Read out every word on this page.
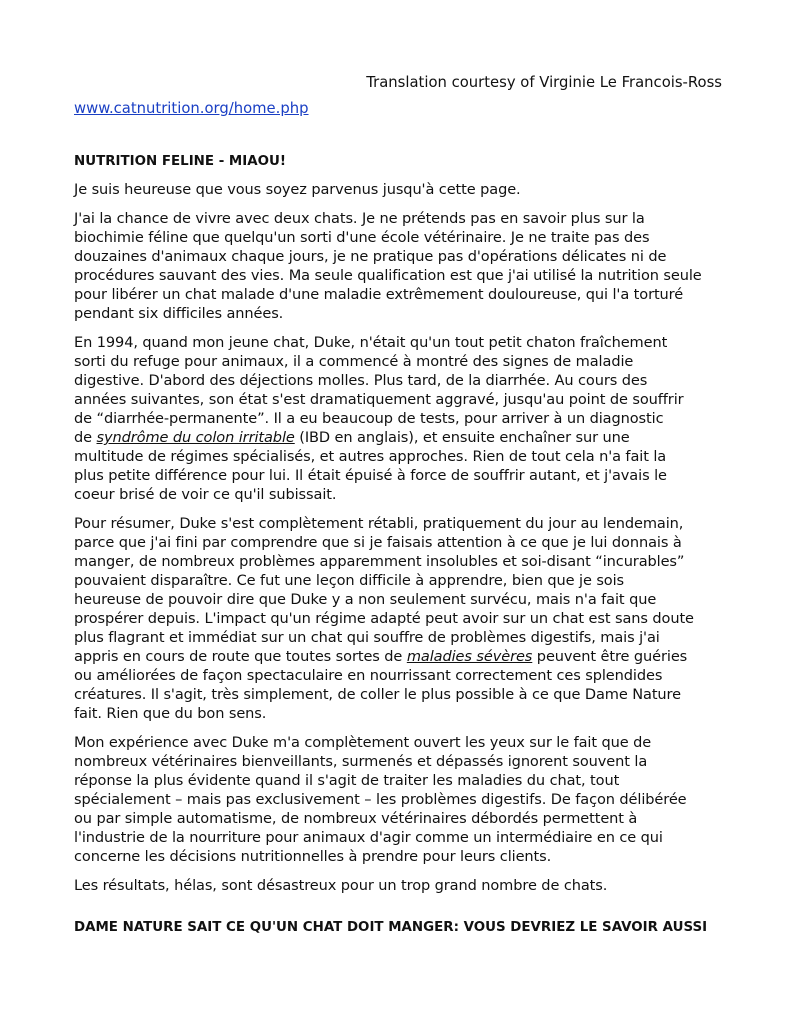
Translation courtesy of Virginie Le Francois-Ross
www.catnutrition.org/home.php
NUTRITION FELINE - MIAOU!

Je suis heureuse que vous soyez parvenus jusqu'à cette page.

J'ai la chance de vivre avec deux chats. Je ne prétends pas en savoir plus sur la
biochimie féline que quelqu'un sorti d'une école vétérinaire. Je ne traite pas des
douzaines d'animaux chaque jours, je ne pratique pas d'opérations délicates ni de
procédures sauvant des vies. Ma seule qualification est que j'ai utilisé la nutrition seule
pour libérer un chat malade d'une maladie extrêmement douloureuse, qui l'a torturé
pendant six difficiles années.

En 1994, quand mon jeune chat, Duke, n'était qu'un tout petit chaton fraîchement
sorti du refuge pour animaux, il a commencé à montré des signes de maladie
digestive. D'abord des déjections molles. Plus tard, de la diarrhée. Au cours des
années suivantes, son état s'est dramatiquement aggravé, jusqu'au point de souffrir
de “diarrhée-permanente”. Il a eu beaucoup de tests, pour arriver à un diagnostic
de syndrôme du colon irritable (IBD en anglais), et ensuite enchaîner sur une
multitude de régimes spécialisés, et autres approches. Rien de tout cela n'a fait la
plus petite différence pour lui. Il était épuisé à force de souffrir autant, et j'avais le
coeur brisé de voir ce qu'il subissait.

Pour résumer, Duke s'est complètement rétabli, pratiquement du jour au lendemain,
parce que j'ai fini par comprendre que si je faisais attention à ce que je lui donnais à
manger, de nombreux problèmes apparemment insolubles et soi-disant “incurables”
pouvaient disparaître. Ce fut une leçon difficile à apprendre, bien que je sois
heureuse de pouvoir dire que Duke y a non seulement survécu, mais n'a fait que
prospérer depuis. L'impact qu'un régime adapté peut avoir sur un chat est sans doute
plus flagrant et immédiat sur un chat qui souffre de problèmes digestifs, mais j'ai
appris en cours de route que toutes sortes de maladies sévères peuvent être guéries
ou améliorées de façon spectaculaire en nourrissant correctement ces splendides
créatures. Il s'agit, très simplement, de coller le plus possible à ce que Dame Nature
fait. Rien que du bon sens.

Mon expérience avec Duke m'a complètement ouvert les yeux sur le fait que de
nombreux vétérinaires bienveillants, surmenés et dépassés ignorent souvent la
réponse la plus évidente quand il s'agit de traiter les maladies du chat, tout
spécialement – mais pas exclusivement – les problèmes digestifs. De façon délibérée
ou par simple automatisme, de nombreux vétérinaires débordés permettent à
l'industrie de la nourriture pour animaux d'agir comme un intermédiaire en ce qui
concerne les décisions nutritionnelles à prendre pour leurs clients.

Les résultats, hélas, sont désastreux pour un trop grand nombre de chats.

DAME NATURE SAIT CE QU'UN CHAT DOIT MANGER: VOUS DEVRIEZ LE SAVOIR AUSSI
